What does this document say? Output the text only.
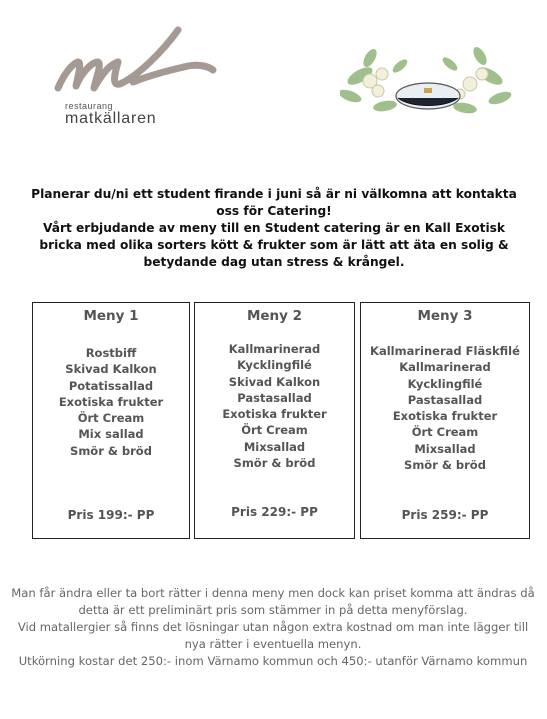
restaurang
matkällaren

Planerar du/ni ett student firande i juni så är ni välkomna att kontakta oss för Catering!

Vårt erbjudande av meny till en Student catering är en Kall Exotisk bricka med olika sorters kött & frukter som är lätt att äta en solig & betydande dag utan stress & krångel.

Meny 1
Rostbiff
Skivad Kalkon
Potatissallad
Exotiska frukter
Ört Cream
Mix sallad
Smör & bröd
Pris 199:- PP
Meny 2
Kallmarinerad
Kycklingfilé
Skivad Kalkon
Pastasallad
Exotiska frukter
Ört Cream
Mixsallad
Smör & bröd
Pris 229:- PP
Meny 3
Kallmarinerad Fläskfilé
Kallmarinerad
Kycklingfilé
Pastasallad
Exotiska frukter
Ört Cream
Mixsallad
Smör & bröd
Pris 259:- PP

Man får ändra eller ta bort rätter i denna meny men dock kan priset komma att ändras då detta är ett preliminärt pris som stämmer in på detta menyförslag.

Vid matallergier så finns det lösningar utan någon extra kostnad om man inte lägger till nya rätter i eventuella menyn.

Utkörning kostar det 250:- inom Värnamo kommun och 450:- utanför Värnamo kommun
